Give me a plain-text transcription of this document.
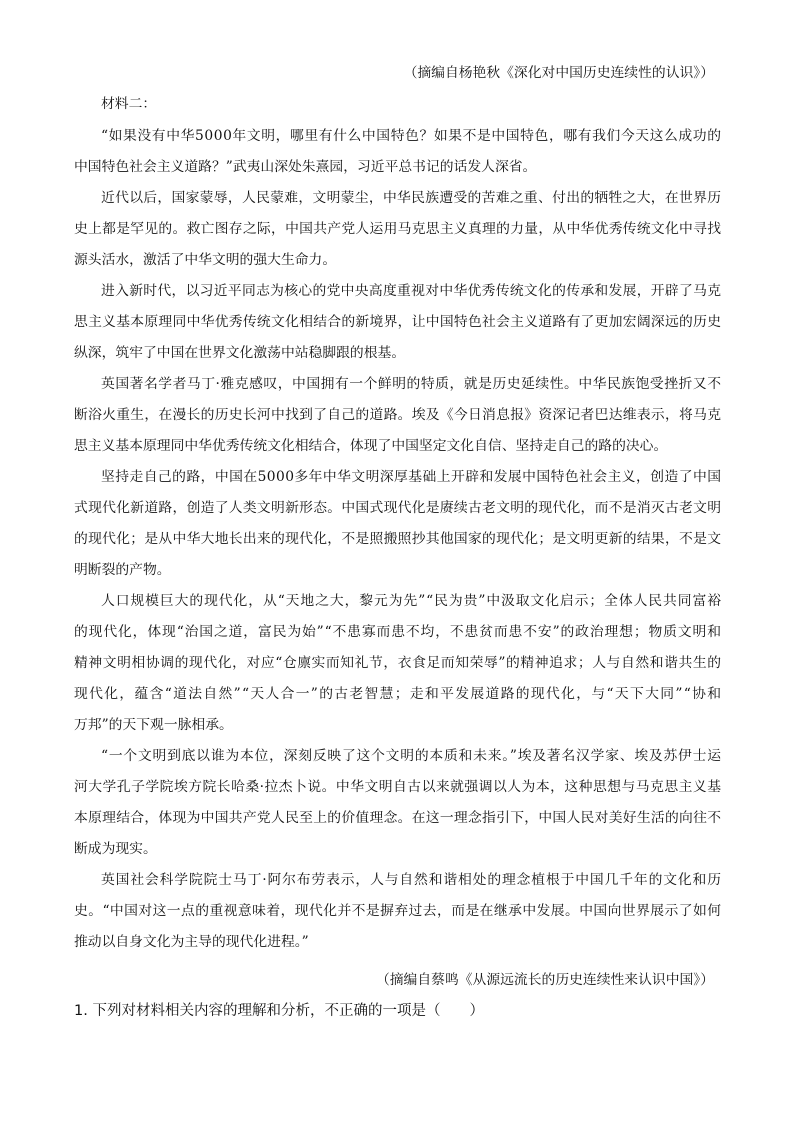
（摘编自杨艳秋《深化对中国历史连续性的认识》）
材料二：
“如果没有中华5000年文明，哪里有什么中国特色？如果不是中国特色，哪有我们今天这么成功的
中国特色社会主义道路？”武夷山深处朱熹园，习近平总书记的话发人深省。
近代以后，国家蒙辱，人民蒙难，文明蒙尘，中华民族遭受的苦难之重、付出的牺牲之大，在世界历
史上都是罕见的。救亡图存之际，中国共产党人运用马克思主义真理的力量，从中华优秀传统文化中寻找
源头活水，激活了中华文明的强大生命力。
进入新时代，以习近平同志为核心的党中央高度重视对中华优秀传统文化的传承和发展，开辟了马克
思主义基本原理同中华优秀传统文化相结合的新境界，让中国特色社会主义道路有了更加宏阔深远的历史
纵深，筑牢了中国在世界文化激荡中站稳脚跟的根基。
英国著名学者马丁·雅克感叹，中国拥有一个鲜明的特质，就是历史延续性。中华民族饱受挫折又不
断浴火重生，在漫长的历史长河中找到了自己的道路。埃及《今日消息报》资深记者巴达维表示，将马克
思主义基本原理同中华优秀传统文化相结合，体现了中国坚定文化自信、坚持走自己的路的决心。
坚持走自己的路，中国在5000多年中华文明深厚基础上开辟和发展中国特色社会主义，创造了中国
式现代化新道路，创造了人类文明新形态。中国式现代化是赓续古老文明的现代化，而不是消灭古老文明
的现代化；是从中华大地长出来的现代化，不是照搬照抄其他国家的现代化；是文明更新的结果，不是文
明断裂的产物。
人口规模巨大的现代化，从“天地之大，黎元为先”“民为贵”中汲取文化启示；全体人民共同富裕
的现代化，体现“治国之道，富民为始”“不患寡而患不均，不患贫而患不安”的政治理想；物质文明和
精神文明相协调的现代化，对应“仓廪实而知礼节，衣食足而知荣辱”的精神追求；人与自然和谐共生的
现代化，蕴含“道法自然”“天人合一”的古老智慧；走和平发展道路的现代化，与“天下大同”“协和
万邦”的天下观一脉相承。
“一个文明到底以谁为本位，深刻反映了这个文明的本质和未来。”埃及著名汉学家、埃及苏伊士运
河大学孔子学院埃方院长哈桑·拉杰卜说。中华文明自古以来就强调以人为本，这种思想与马克思主义基
本原理结合，体现为中国共产党人民至上的价值理念。在这一理念指引下，中国人民对美好生活的向往不
断成为现实。
英国社会科学院院士马丁·阿尔布劳表示，人与自然和谐相处的理念植根于中国几千年的文化和历
史。“中国对这一点的重视意味着，现代化并不是摒弃过去，而是在继承中发展。中国向世界展示了如何
推动以自身文化为主导的现代化进程。”
（摘编自蔡鸣《从源远流长的历史连续性来认识中国》）
1. 下列对材料相关内容的理解和分析，不正确的一项是（　　）
